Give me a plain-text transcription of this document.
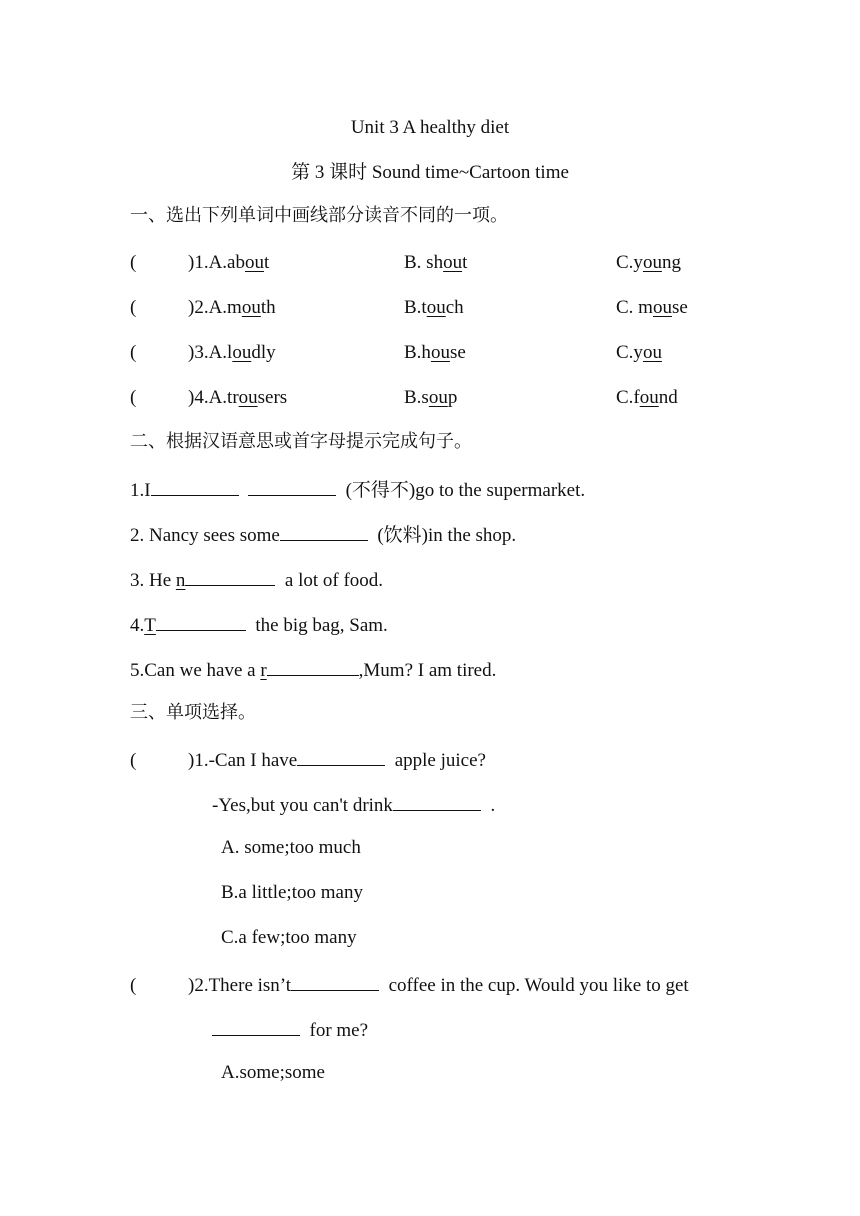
Unit 3 A healthy diet
第 3 课时 Sound time~Cartoon time
一、选出下列单词中画线部分读音不同的一项。
(	)1.A.about	B. shout	C.young
(	)2.A.mouth	B.touch	C. mouse
(	)3.A.loudly	B.house	C.you
(	)4.A.trousers	B.soup	C.found
二、根据汉语意思或首字母提示完成句子。
1.I	(不得不)go to the supermarket.
2. Nancy sees some	(饮料)in the shop.
3. He n	a lot of food.
4.T	the big bag, Sam.
5.Can we have a r	,Mum? I am tired.
三、单项选择。
(	)1.-Can I have	apple juice?
-Yes,but you can't drink	.
A. some;too much
B.a little;too many
C.a few;too many
(	)2.There isn’t	coffee in the cup. Would you like to get
for me?
A.some;some
